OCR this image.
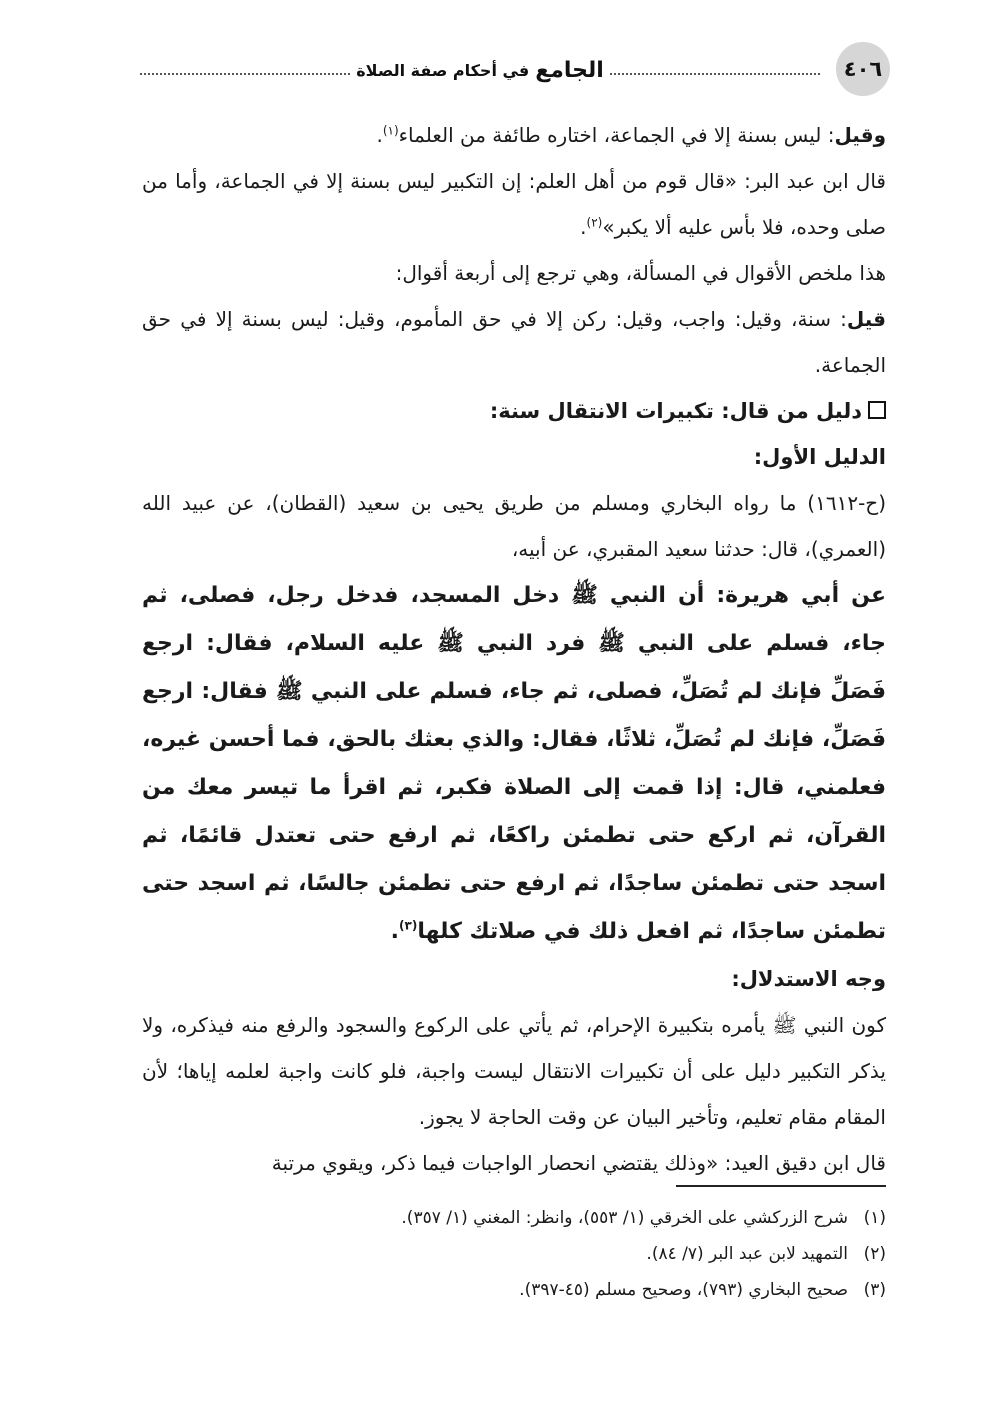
٤٠٦
الجامع
في أحكام صفة الصلاة

وقيل: ليس بسنة إلا في الجماعة، اختاره طائفة من العلماء$^{(١)}$.

قال ابن عبد البر: «قال قوم من أهل العلم: إن التكبير ليس بسنة إلا في الجماعة، وأما من صلى وحده، فلا بأس عليه ألا يكبر»$^{(٢)}$.

هذا ملخص الأقوال في المسألة، وهي ترجع إلى أربعة أقوال:

قيل: سنة، وقيل: واجب، وقيل: ركن إلا في حق المأموم، وقيل: ليس بسنة إلا في حق الجماعة.

دليل من قال: تكبيرات الانتقال سنة:

الدليل الأول:

(ح-١٦١٢) ما رواه البخاري ومسلم من طريق يحيى بن سعيد (القطان)، عن عبيد الله (العمري)، قال: حدثنا سعيد المقبري، عن أبيه،

عن أبي هريرة: أن النبي ﷺ دخل المسجد، فدخل رجل، فصلى، ثم جاء، فسلم على النبي ﷺ فرد النبي ﷺ عليه السلام، فقال: ارجع فَصَلِّ فإنك لم تُصَلِّ، فصلى، ثم جاء، فسلم على النبي ﷺ فقال: ارجع فَصَلِّ، فإنك لم تُصَلِّ، ثلاثًا، فقال: والذي بعثك بالحق، فما أحسن غيره، فعلمني، قال: إذا قمت إلى الصلاة فكبر، ثم اقرأ ما تيسر معك من القرآن، ثم اركع حتى تطمئن راكعًا، ثم ارفع حتى تعتدل قائمًا، ثم اسجد حتى تطمئن ساجدًا، ثم ارفع حتى تطمئن جالسًا، ثم اسجد حتى تطمئن ساجدًا، ثم افعل ذلك في صلاتك كلها$^{(٣)}$.

وجه الاستدلال:

كون النبي ﷺ يأمره بتكبيرة الإحرام، ثم يأتي على الركوع والسجود والرفع منه فيذكره، ولا يذكر التكبير دليل على أن تكبيرات الانتقال ليست واجبة، فلو كانت واجبة لعلمه إياها؛ لأن المقام مقام تعليم، وتأخير البيان عن وقت الحاجة لا يجوز.

قال ابن دقيق العيد: «وذلك يقتضي انحصار الواجبات فيما ذكر، ويقوي مرتبة

(١)شرح الزركشي على الخرقي (١/ ٥٥٣)، وانظر: المغني (١/ ٣٥٧).

(٢)التمهيد لابن عبد البر (٧/ ٨٤).

(٣)صحيح البخاري (٧٩٣)، وصحيح مسلم (٤٥-٣٩٧).
